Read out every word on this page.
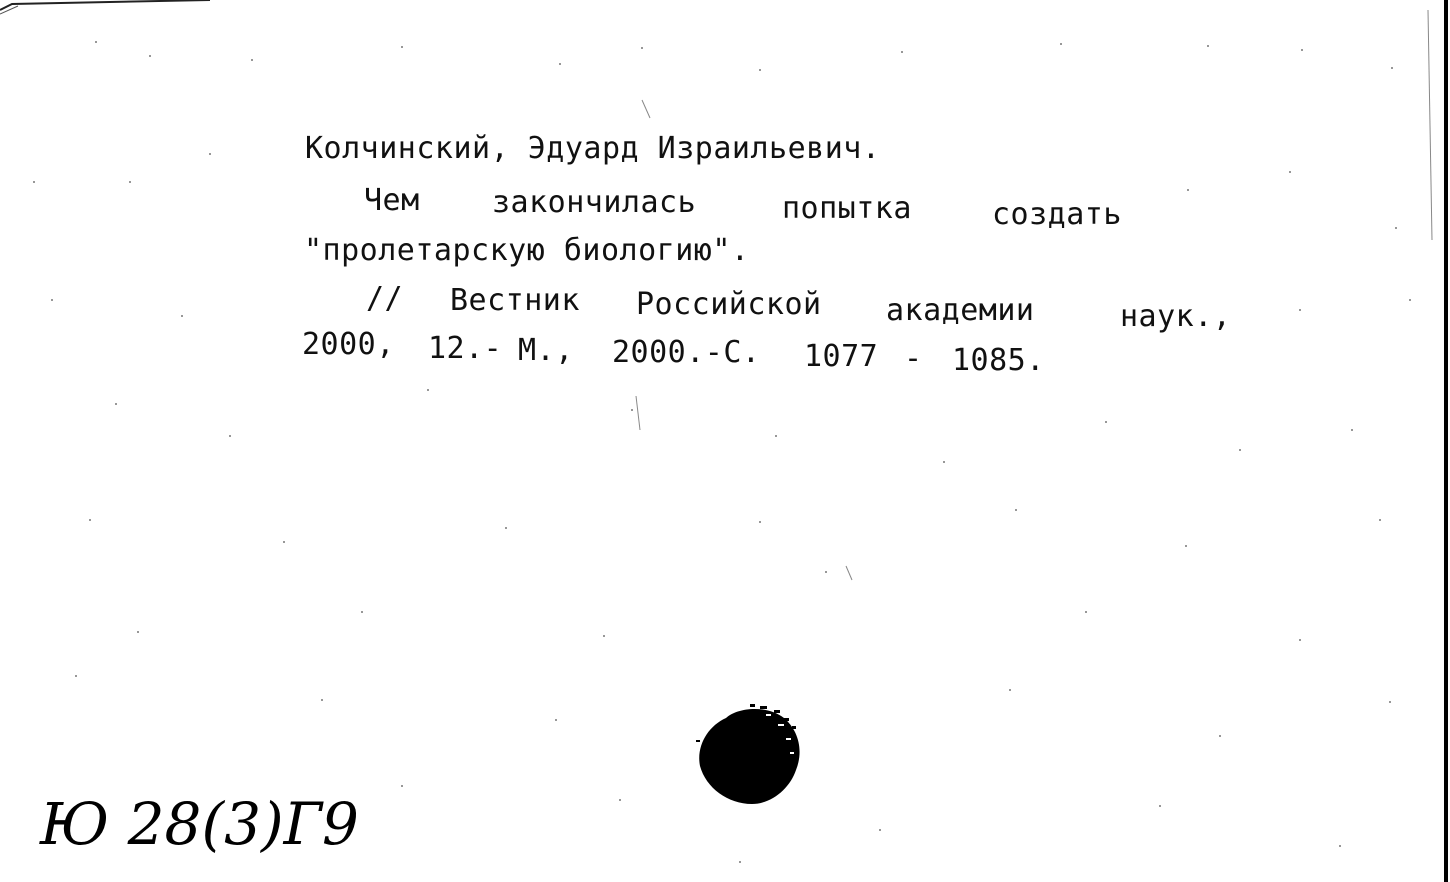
Колчинский, Эдуард Израильевич.
Чем закончилась	попытка	создать
"пролетарскую биологию".
// Вестник Российской академии	наук.,
2000, 12.- М., 2000.-С. 1077 - 1085.
Ю 28(3)Г9
